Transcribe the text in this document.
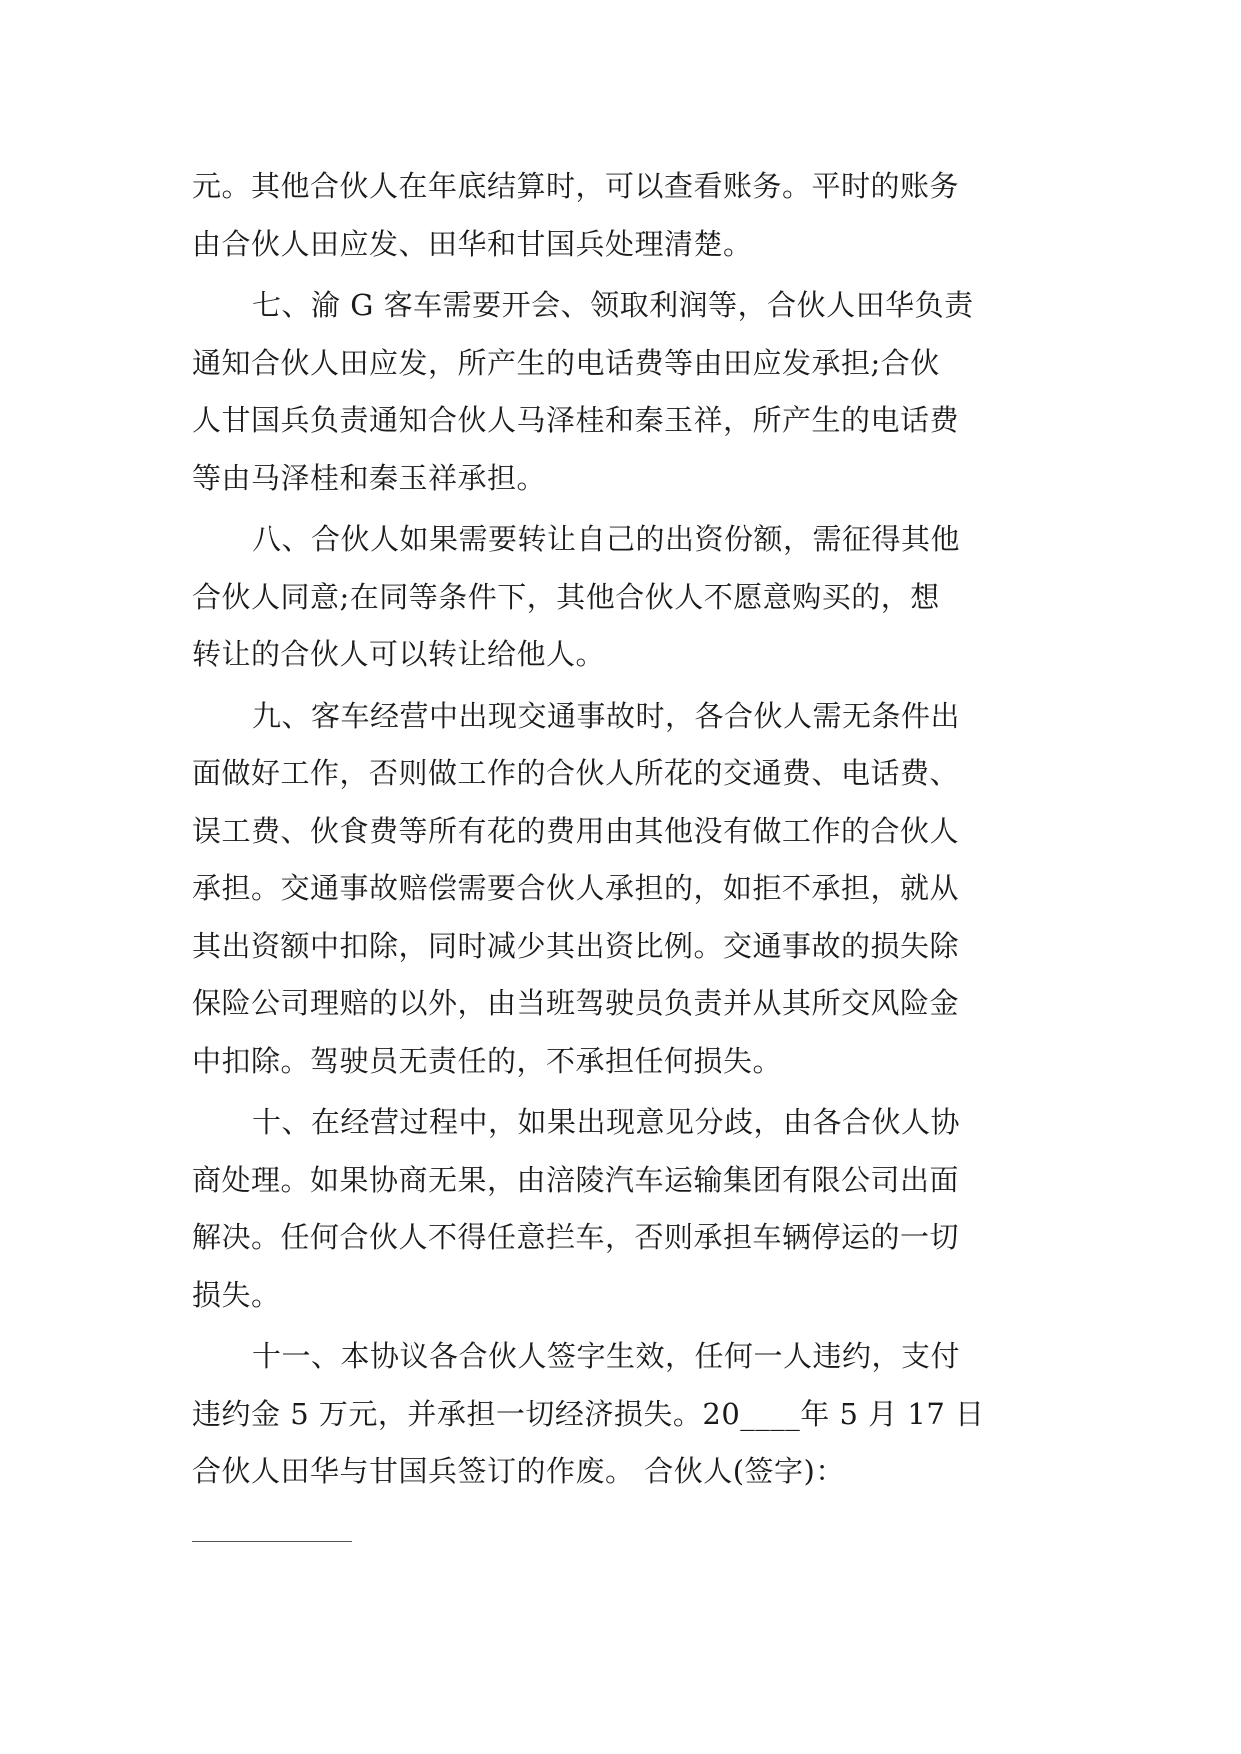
元。其他合伙人在年底结算时，可以查看账务。平时的账务
由合伙人田应发、田华和甘国兵处理清楚。
七、渝 G 客车需要开会、领取利润等，合伙人田华负责
通知合伙人田应发，所产生的电话费等由田应发承担;合伙
人甘国兵负责通知合伙人马泽桂和秦玉祥，所产生的电话费
等由马泽桂和秦玉祥承担。
八、合伙人如果需要转让自己的出资份额，需征得其他
合伙人同意;在同等条件下，其他合伙人不愿意购买的，想
转让的合伙人可以转让给他人。
九、客车经营中出现交通事故时，各合伙人需无条件出
面做好工作，否则做工作的合伙人所花的交通费、电话费、
误工费、伙食费等所有花的费用由其他没有做工作的合伙人
承担。交通事故赔偿需要合伙人承担的，如拒不承担，就从
其出资额中扣除，同时减少其出资比例。交通事故的损失除
保险公司理赔的以外，由当班驾驶员负责并从其所交风险金
中扣除。驾驶员无责任的，不承担任何损失。
十、在经营过程中，如果出现意见分歧，由各合伙人协
商处理。如果协商无果，由涪陵汽车运输集团有限公司出面
解决。任何合伙人不得任意拦车，否则承担车辆停运的一切
损失。
十一、本协议各合伙人签字生效，任何一人违约，支付
违约金 5 万元，并承担一切经济损失。20____年 5 月 17 日
合伙人田华与甘国兵签订的作废。 合伙人(签字)：
